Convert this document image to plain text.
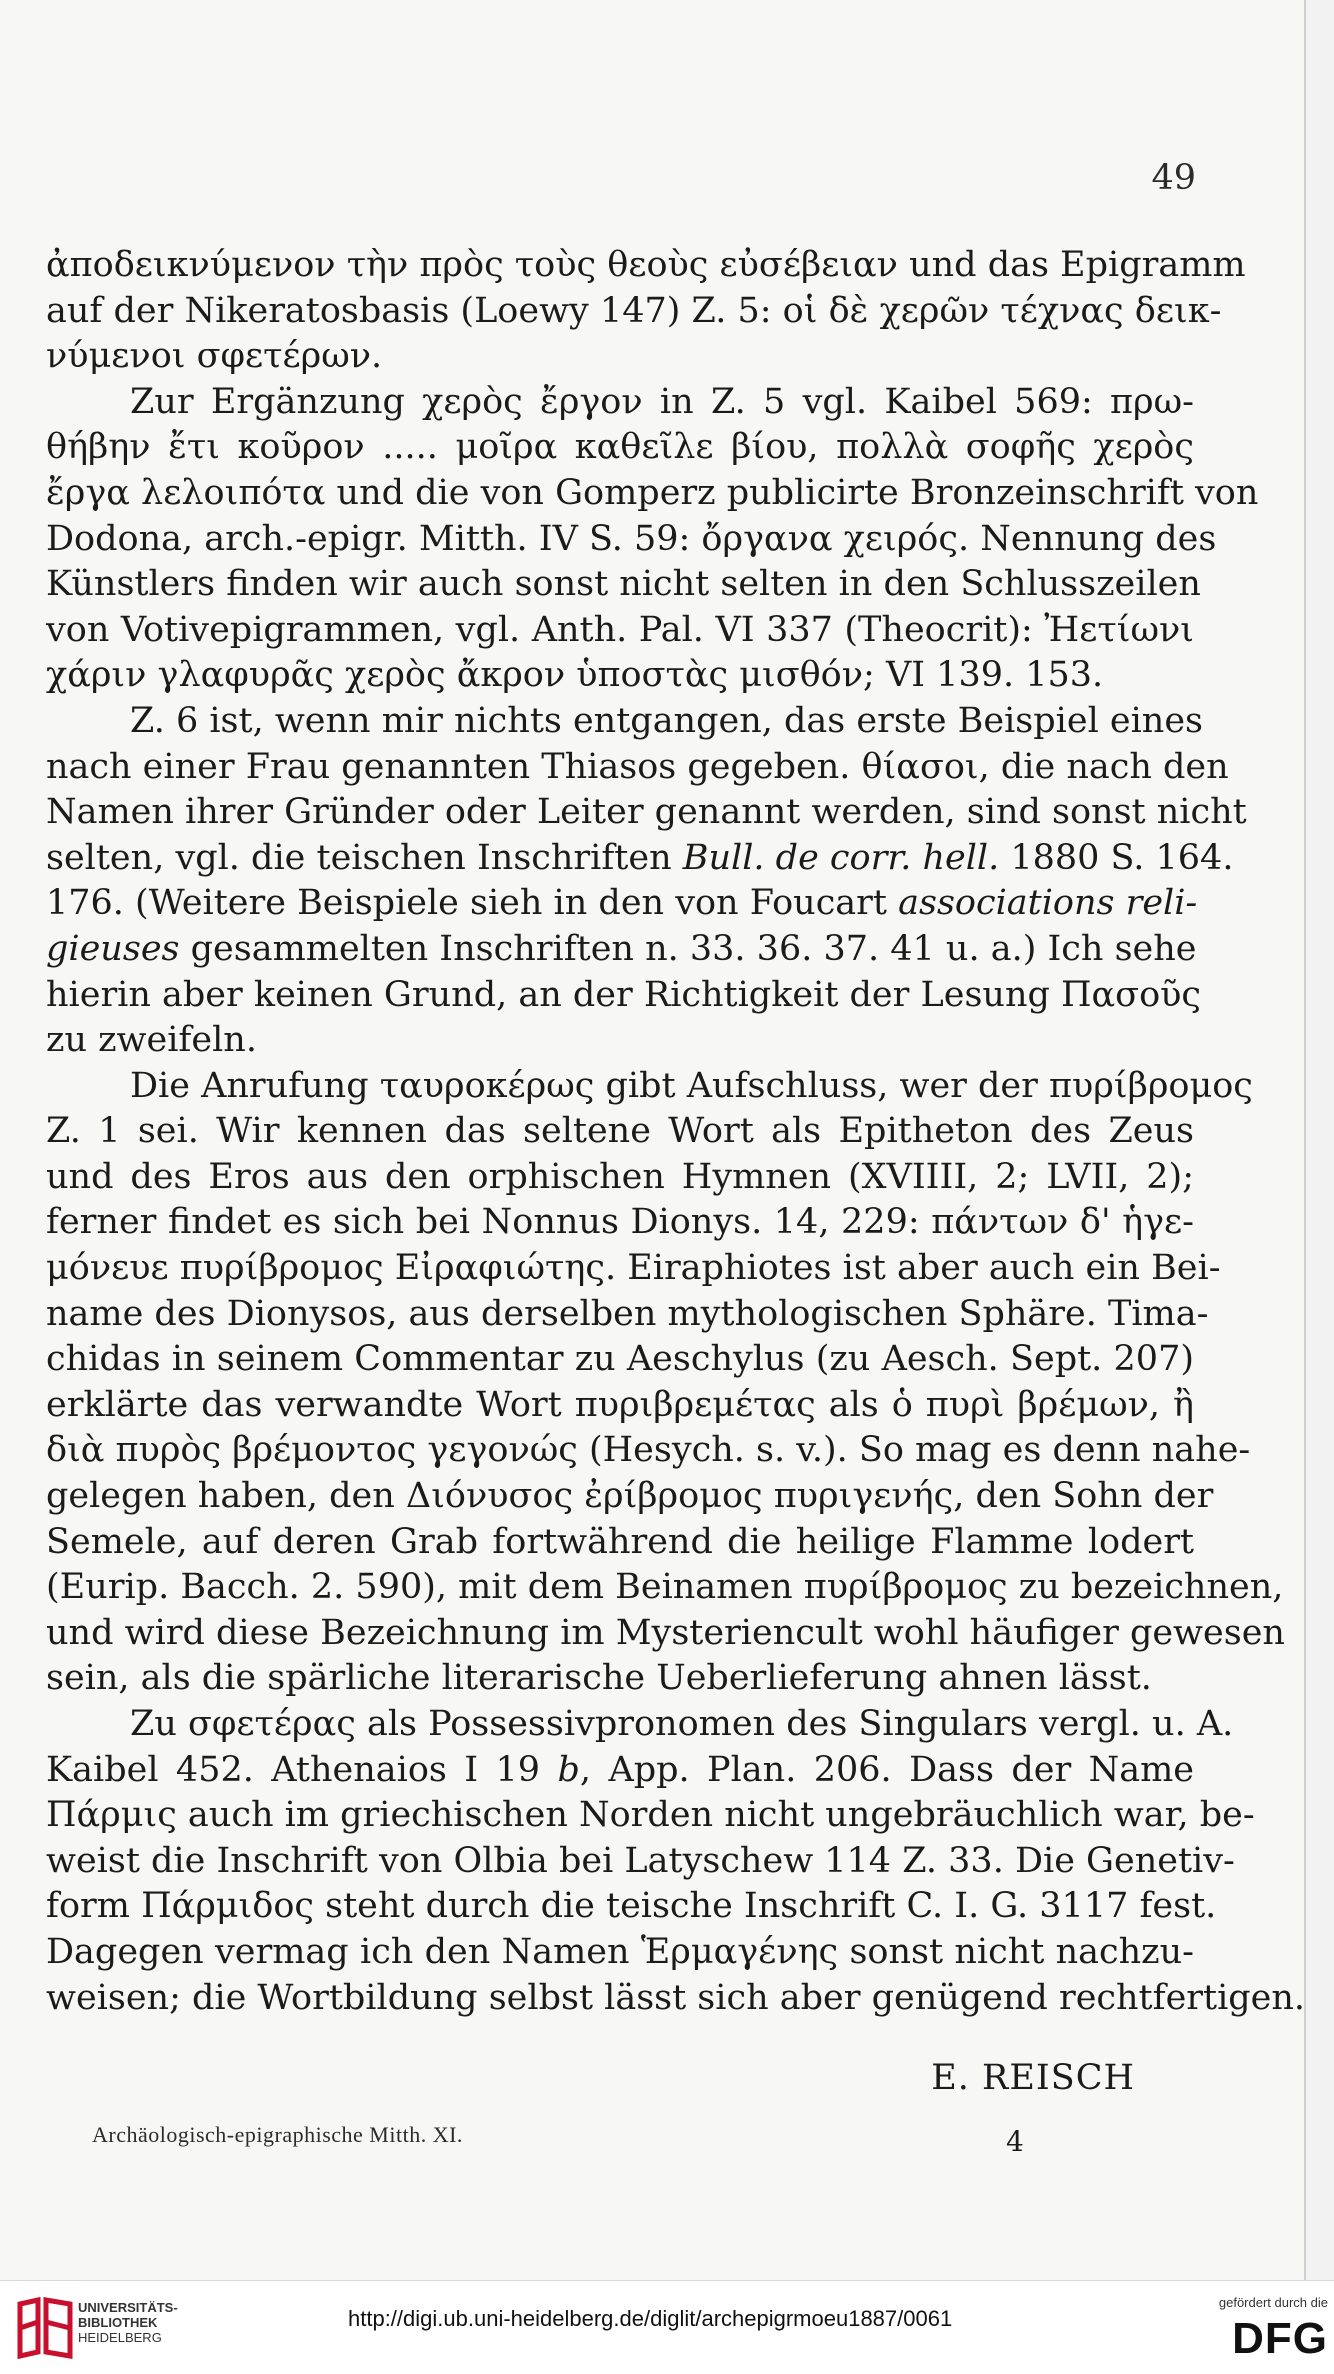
49
ἀποδεικνύμενον τὴν πρὸς τοὺς θεοὺς εὐσέβειαν und das Epigramm
auf der Nikeratosbasis (Loewy 147) Z. 5: οἱ δὲ χερῶν τέχνας δεικ-
νύμενοι σφετέρων.
Zur Ergänzung χερὸς ἔργον in Z. 5 vgl. Kaibel 569: πρω-
θήβην ἔτι κοῦρον ..... μοῖρα καθεῖλε βίου, πολλὰ σοφῆς χερὸς
ἔργα λελοιπότα und die von Gomperz publicirte Bronzeinschrift von
Dodona, arch.-epigr. Mitth. IV S. 59: ὄργανα χειρός. Nennung des
Künstlers finden wir auch sonst nicht selten in den Schlusszeilen
von Votivepigrammen, vgl. Anth. Pal. VI 337 (Theocrit): Ἠετίωνι
χάριν γλαφυρᾶς χερὸς ἄκρον ὑποστὰς μισθόν; VI 139. 153.
Z. 6 ist, wenn mir nichts entgangen, das erste Beispiel eines
nach einer Frau genannten Thiasos gegeben. θίασοι, die nach den
Namen ihrer Gründer oder Leiter genannt werden, sind sonst nicht
selten, vgl. die teischen Inschriften Bull. de corr. hell. 1880 S. 164.
176. (Weitere Beispiele sieh in den von Foucart associations reli-
gieuses gesammelten Inschriften n. 33. 36. 37. 41 u. a.) Ich sehe
hierin aber keinen Grund, an der Richtigkeit der Lesung Πασοῦς
zu zweifeln.
Die Anrufung ταυροκέρως gibt Aufschluss, wer der πυρίβρομος
Z. 1 sei. Wir kennen das seltene Wort als Epitheton des Zeus
und des Eros aus den orphischen Hymnen (XVIIII, 2; LVII, 2);
ferner findet es sich bei Nonnus Dionys. 14, 229: πάντων δ' ἡγε-
μόνευε πυρίβρομος Εἰραφιώτης. Eiraphiotes ist aber auch ein Bei-
name des Dionysos, aus derselben mythologischen Sphäre. Tima-
chidas in seinem Commentar zu Aeschylus (zu Aesch. Sept. 207)
erklärte das verwandte Wort πυριβρεμέτας als ὁ πυρὶ βρέμων, ἢ
διὰ πυρὸς βρέμοντος γεγονώς (Hesych. s. v.). So mag es denn nahe-
gelegen haben, den Διόνυσος ἐρίβρομος πυριγενής, den Sohn der
Semele, auf deren Grab fortwährend die heilige Flamme lodert
(Eurip. Bacch. 2. 590), mit dem Beinamen πυρίβρομος zu bezeichnen,
und wird diese Bezeichnung im Mysteriencult wohl häufiger gewesen
sein, als die spärliche literarische Ueberlieferung ahnen lässt.
Zu σφετέρας als Possessivpronomen des Singulars vergl. u. A.
Kaibel 452. Athenaios I 19 b, App. Plan. 206. Dass der Name
Πάρμις auch im griechischen Norden nicht ungebräuchlich war, be-
weist die Inschrift von Olbia bei Latyschew 114 Z. 33. Die Genetiv-
form Πάρμιδος steht durch die teische Inschrift C. I. G. 3117 fest.
Dagegen vermag ich den Namen Ἑρμαγένης sonst nicht nachzu-
weisen; die Wortbildung selbst lässt sich aber genügend rechtfertigen.
E. REISCH
Archäologisch-epigraphische Mitth. XI.	4
UNIVERSITÄTS-
BIBLIOTHEK
HEIDELBERG
http://digi.ub.uni-heidelberg.de/diglit/archepigrmoeu1887/0061
gefördert durch die
DFG
